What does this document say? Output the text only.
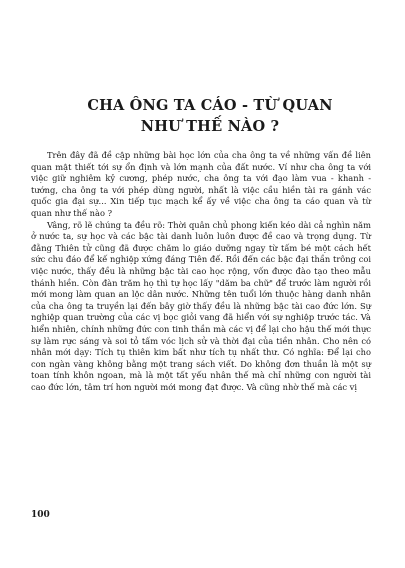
CHA ÔNG TA CÁO - TỪ QUAN
NHƯ THẾ NÀO ?

Trên đây đã đề cập những bài học lớn của cha ông ta về những vấn đề liên quan mật thiết tới sự ổn định và lớn mạnh của đất nước. Ví như cha ông ta với việc giữ nghiêm kỷ cương, phép nước, cha ông ta với đạo làm vua - khanh - tướng, cha ông ta với phép dùng người, nhất là việc cầu hiền tài ra gánh vác quốc gia đại sự... Xin tiếp tục mạch kể ấy về việc cha ông ta cáo quan và từ quan như thế nào ?

Vâng, rõ lẽ chúng ta đều rõ: Thời quân chủ phong kiến kéo dài cả nghìn năm ở nước ta, sự học và các bậc tài danh luôn luôn được đề cao và trọng dụng. Từ đằng Thiên tử cũng đã được chăm lo giáo dưỡng ngay từ tấm bé một cách hết sức chu đáo để kế nghiệp xứng đáng Tiên đế. Rồi đến các bậc đại thần trông coi việc nước, thấy đều là những bậc tài cao học rộng, vốn được đào tạo theo mẫu thánh hiền. Còn đàn trăm họ thì tự học lấy "dăm ba chữ" để trước làm người rồi mới mong làm quan an lộc dân nước. Những tên tuổi lớn thuộc hàng danh nhân của cha ông ta truyền lại đến bây giờ thấy đều là những bậc tài cao đức lớn. Sự nghiệp quan trường của các vị bọc giỏi vang đã hiển với sự nghiệp trước tác. Và hiển nhiên, chính những đức con tinh thần mà các vị để lại cho hậu thế mới thực sự làm rực sáng và soi tỏ tấm vóc lịch sử và thời đại của tiền nhân. Cho nên có nhân mới dạy: Tích tụ thiên kim bất như tích tụ nhất thư. Có nghĩa: Để lại cho con ngàn vàng không bằng một trang sách viết. Do không đơn thuần là một sự toan tính khôn ngoan, mà là một tất yếu nhân thế mà chỉ những con người tài cao đức lớn, tâm trí hơn người mới mong đạt được. Và cũng nhờ thế mà các vị

100
